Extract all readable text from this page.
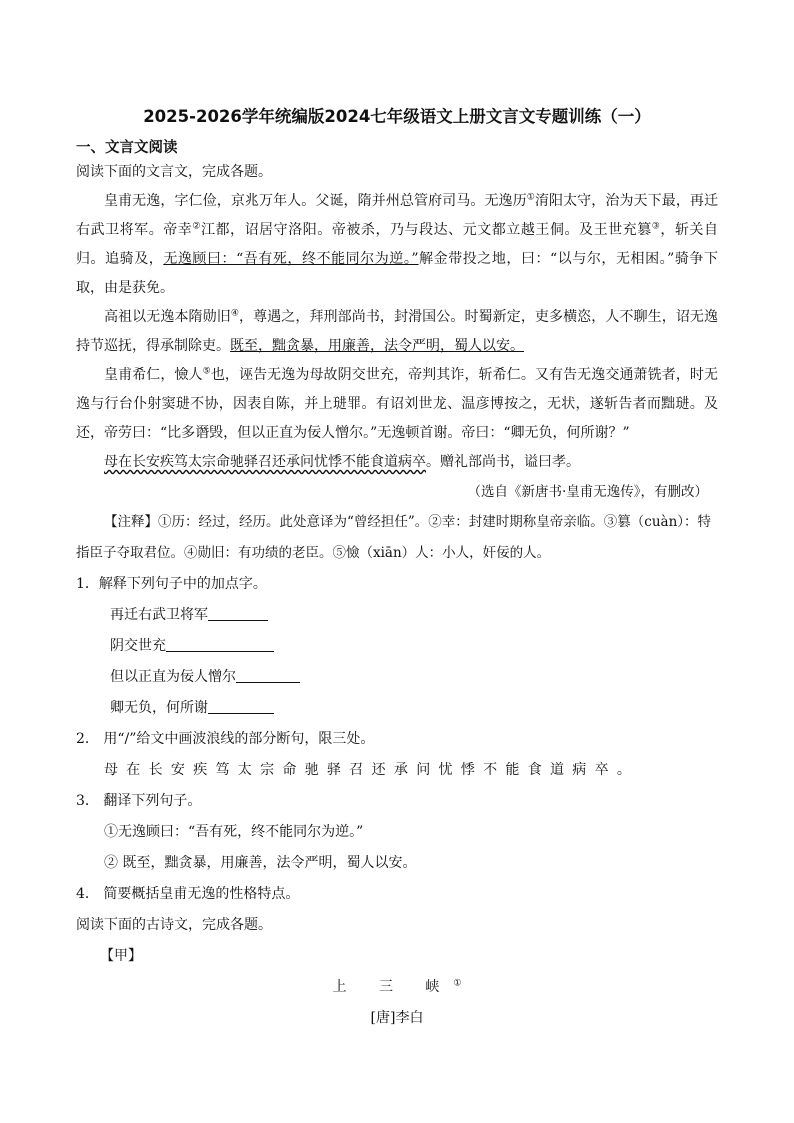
2025-2026学年统编版2024七年级语文上册文言文专题训练（一）

一、文言文阅读

阅读下面的文言文，完成各题。

皇甫无逸，字仁俭，京兆万年人。父诞，隋并州总管府司马。无逸历①淯阳太守，治为天下最，再迁右武卫将军。帝幸②江都，诏居守洛阳。帝被杀，乃与段达、元文都立越王侗。及王世充篡③，斩关自归。追骑及，无逸顾曰：“吾有死，终不能同尔为逆。”解金带投之地，曰：“以与尔，无相困。”骑争下取，由是获免。

高祖以无逸本隋勋旧④，尊遇之，拜刑部尚书，封滑国公。时蜀新定，吏多横恣，人不聊生，诏无逸持节巡抚，得承制除吏。既至，黜贪暴，用廉善，法令严明，蜀人以安。

皇甫希仁，憸人⑤也，诬告无逸为母故阴交世充，帝判其诈，斩希仁。又有告无逸交通萧铣者，时无逸与行台仆射窦琎不协，因表自陈，并上琎罪。有诏刘世龙、温彦博按之，无状，遂斩告者而黜琎。及还，帝劳曰：“比多谮毁，但以正直为佞人憎尔。”无逸顿首谢。帝曰：“卿无负，何所谢？”

母在长安疾笃太宗命驰驿召还承问忧悸不能食道病卒。赠礼部尚书，谥曰孝。

（选自《新唐书·皇甫无逸传》，有删改）

【注释】①历：经过，经历。此处意译为“曾经担任”。②幸：封建时期称皇帝亲临。③篡（cuàn）：特指臣子夺取君位。④勋旧：有功绩的老臣。⑤憸（xiān）人：小人，奸佞的人。

1．解释下列句子中的加点字。

再迁右武卫将军

阴交世充

但以正直为佞人憎尔

卿无负，何所谢

2． 用“/”给文中画波浪线的部分断句，限三处。

母在长安疾笃太宗命驰驿召还承问忧悸不能食道病卒。

3． 翻译下列句子。

①无逸顾曰：“吾有死，终不能同尔为逆。”

② 既至，黜贪暴，用廉善，法令严明，蜀人以安。

4． 简要概括皇甫无逸的性格特点。

阅读下面的古诗文，完成各题。

【甲】

上 三 峡①

[唐]李白
